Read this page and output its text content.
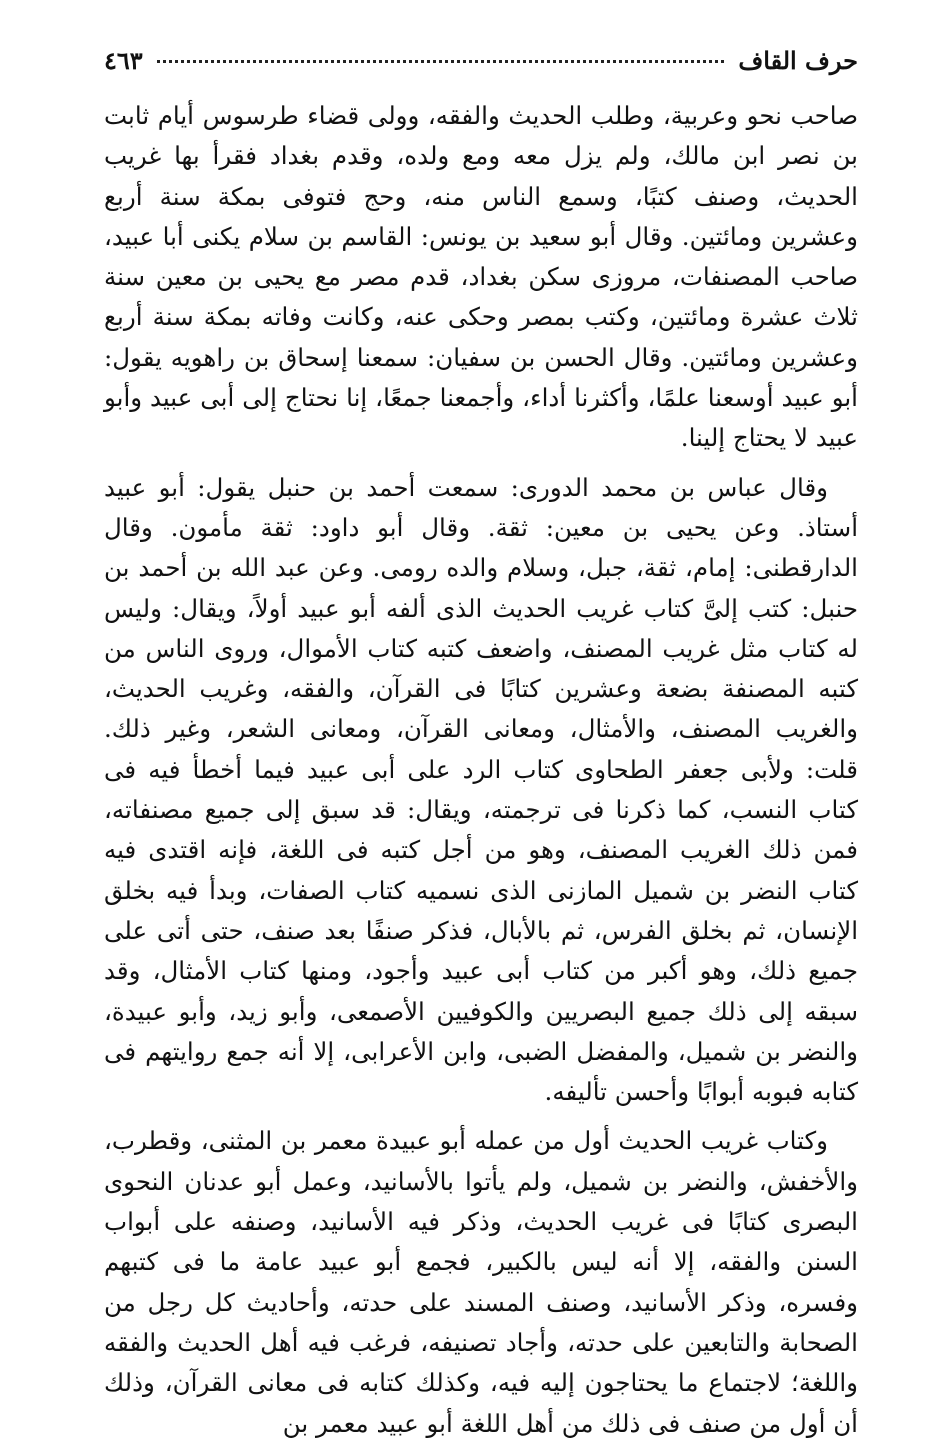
حرف القاف
٤٦٣

صاحب نحو وعربية، وطلب الحديث والفقه، وولى قضاء طرسوس أيام ثابت بن نصر ابن مالك، ولم يزل معه ومع ولده، وقدم بغداد فقرأ بها غريب الحديث، وصنف كتبًا، وسمع الناس منه، وحج فتوفى بمكة سنة أربع وعشرين ومائتين. وقال أبو سعيد بن يونس: القاسم بن سلام يكنى أبا عبيد، صاحب المصنفات، مروزى سكن بغداد، قدم مصر مع يحيى بن معين سنة ثلاث عشرة ومائتين، وكتب بمصر وحكى عنه، وكانت وفاته بمكة سنة أربع وعشرين ومائتين. وقال الحسن بن سفيان: سمعنا إسحاق بن راهويه يقول: أبو عبيد أوسعنا علمًا، وأكثرنا أداء، وأجمعنا جمعًا، إنا نحتاج إلى أبى عبيد وأبو عبيد لا يحتاج إلينا.

وقال عباس بن محمد الدورى: سمعت أحمد بن حنبل يقول: أبو عبيد أستاذ. وعن يحيى بن معين: ثقة. وقال أبو داود: ثقة مأمون. وقال الدارقطنى: إمام، ثقة، جبل، وسلام والده رومى. وعن عبد الله بن أحمد بن حنبل: كتب إلىَّ كتاب غريب الحديث الذى ألفه أبو عبيد أولاً، ويقال: وليس له كتاب مثل غريب المصنف، واضعف كتبه كتاب الأموال، وروى الناس من كتبه المصنفة بضعة وعشرين كتابًا فى القرآن، والفقه، وغريب الحديث، والغريب المصنف، والأمثال، ومعانى القرآن، ومعانى الشعر، وغير ذلك. قلت: ولأبى جعفر الطحاوى كتاب الرد على أبى عبيد فيما أخطأ فيه فى كتاب النسب، كما ذكرنا فى ترجمته، ويقال: قد سبق إلى جميع مصنفاته، فمن ذلك الغريب المصنف، وهو من أجل كتبه فى اللغة، فإنه اقتدى فيه كتاب النضر بن شميل المازنى الذى نسميه كتاب الصفات، وبدأ فيه بخلق الإنسان، ثم بخلق الفرس، ثم بالأبال، فذكر صنفًا بعد صنف، حتى أتى على جميع ذلك، وهو أكبر من كتاب أبى عبيد وأجود، ومنها كتاب الأمثال، وقد سبقه إلى ذلك جميع البصريين والكوفيين الأصمعى، وأبو زيد، وأبو عبيدة، والنضر بن شميل، والمفضل الضبى، وابن الأعرابى، إلا أنه جمع روايتهم فى كتابه فبوبه أبوابًا وأحسن تأليفه.

وكتاب غريب الحديث أول من عمله أبو عبيدة معمر بن المثنى، وقطرب، والأخفش، والنضر بن شميل، ولم يأتوا بالأسانيد، وعمل أبو عدنان النحوى البصرى كتابًا فى غريب الحديث، وذكر فيه الأسانيد، وصنفه على أبواب السنن والفقه، إلا أنه ليس بالكبير، فجمع أبو عبيد عامة ما فى كتبهم وفسره، وذكر الأسانيد، وصنف المسند على حدته، وأحاديث كل رجل من الصحابة والتابعين على حدته، وأجاد تصنيفه، فرغب فيه أهل الحديث والفقه واللغة؛ لاجتماع ما يحتاجون إليه فيه، وكذلك كتابه فى معانى القرآن، وذلك أن أول من صنف فى ذلك من أهل اللغة أبو عبيد معمر بن
